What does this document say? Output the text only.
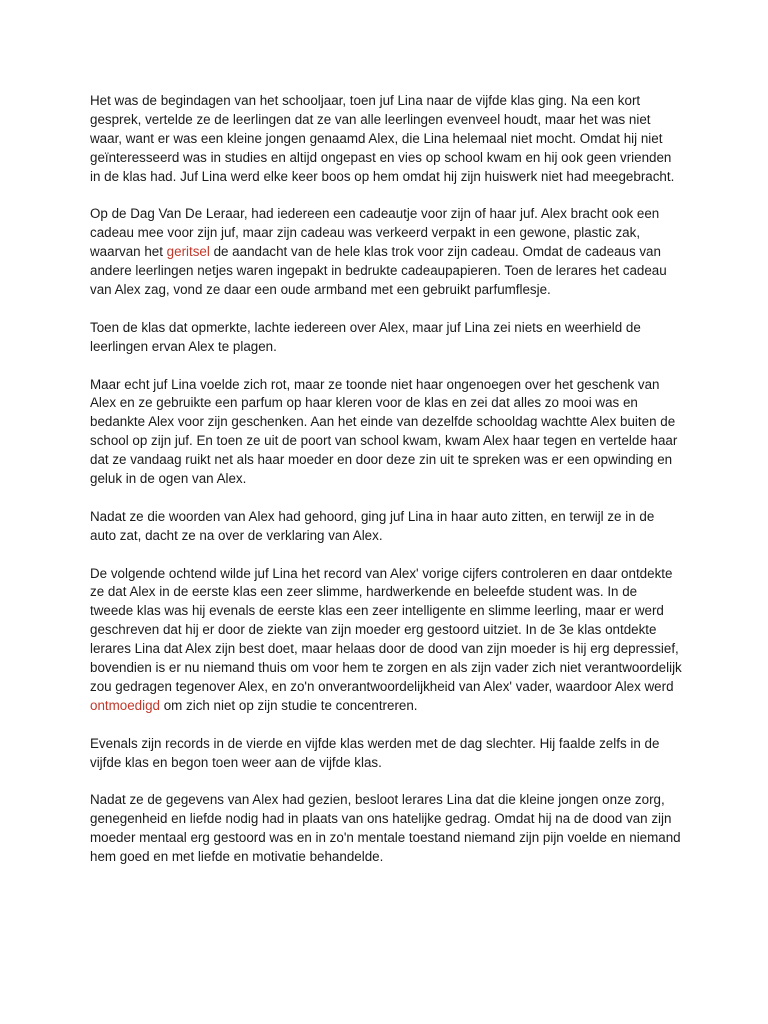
Het was de begindagen van het schooljaar, toen juf Lina naar de vijfde klas ging. Na een kort gesprek, vertelde ze de leerlingen dat ze van alle leerlingen evenveel houdt, maar het was niet waar, want er was een kleine jongen genaamd Alex, die Lina helemaal niet mocht. Omdat hij niet geïnteresseerd was in studies en altijd ongepast en vies op school kwam en hij ook geen vrienden in de klas had. Juf Lina werd elke keer boos op hem omdat hij zijn huiswerk niet had meegebracht.

Op de Dag Van De Leraar, had iedereen een cadeautje voor zijn of haar juf. Alex bracht ook een cadeau mee voor zijn juf, maar zijn cadeau was verkeerd verpakt in een gewone, plastic zak, waarvan het geritsel de aandacht van de hele klas trok voor zijn cadeau. Omdat de cadeaus van andere leerlingen netjes waren ingepakt in bedrukte cadeaupapieren. Toen de lerares het cadeau van Alex zag, vond ze daar een oude armband met een gebruikt parfumflesje.

Toen de klas dat opmerkte, lachte iedereen over Alex, maar juf Lina zei niets en weerhield de leerlingen ervan Alex te plagen.

Maar echt juf Lina voelde zich rot, maar ze toonde niet haar ongenoegen over het geschenk van Alex en ze gebruikte een parfum op haar kleren voor de klas en zei dat alles zo mooi was en bedankte Alex voor zijn geschenken. Aan het einde van dezelfde schooldag wachtte Alex buiten de school op zijn juf. En toen ze uit de poort van school kwam, kwam Alex haar tegen en vertelde haar dat ze vandaag ruikt net als haar moeder en door deze zin uit te spreken was er een opwinding en geluk in de ogen van Alex.

Nadat ze die woorden van Alex had gehoord, ging juf Lina in haar auto zitten, en terwijl ze in de auto zat, dacht ze na over de verklaring van Alex.

De volgende ochtend wilde juf Lina het record van Alex' vorige cijfers controleren en daar ontdekte ze dat Alex in de eerste klas een zeer slimme, hardwerkende en beleefde student was. In de tweede klas was hij evenals de eerste klas een zeer intelligente en slimme leerling, maar er werd geschreven dat hij er door de ziekte van zijn moeder erg gestoord uitziet. In de 3e klas ontdekte lerares Lina dat Alex zijn best doet, maar helaas door de dood van zijn moeder is hij erg depressief, bovendien is er nu niemand thuis om voor hem te zorgen en als zijn vader zich niet verantwoordelijk zou gedragen tegenover Alex, en zo'n onverantwoordelijkheid van Alex' vader, waardoor Alex werd ontmoedigd om zich niet op zijn studie te concentreren.

Evenals zijn records in de vierde en vijfde klas werden met de dag slechter. Hij faalde zelfs in de vijfde klas en begon toen weer aan de vijfde klas.

Nadat ze de gegevens van Alex had gezien, besloot lerares Lina dat die kleine jongen onze zorg, genegenheid en liefde nodig had in plaats van ons hatelijke gedrag. Omdat hij na de dood van zijn moeder mentaal erg gestoord was en in zo'n mentale toestand niemand zijn pijn voelde en niemand hem goed en met liefde en motivatie behandelde.
